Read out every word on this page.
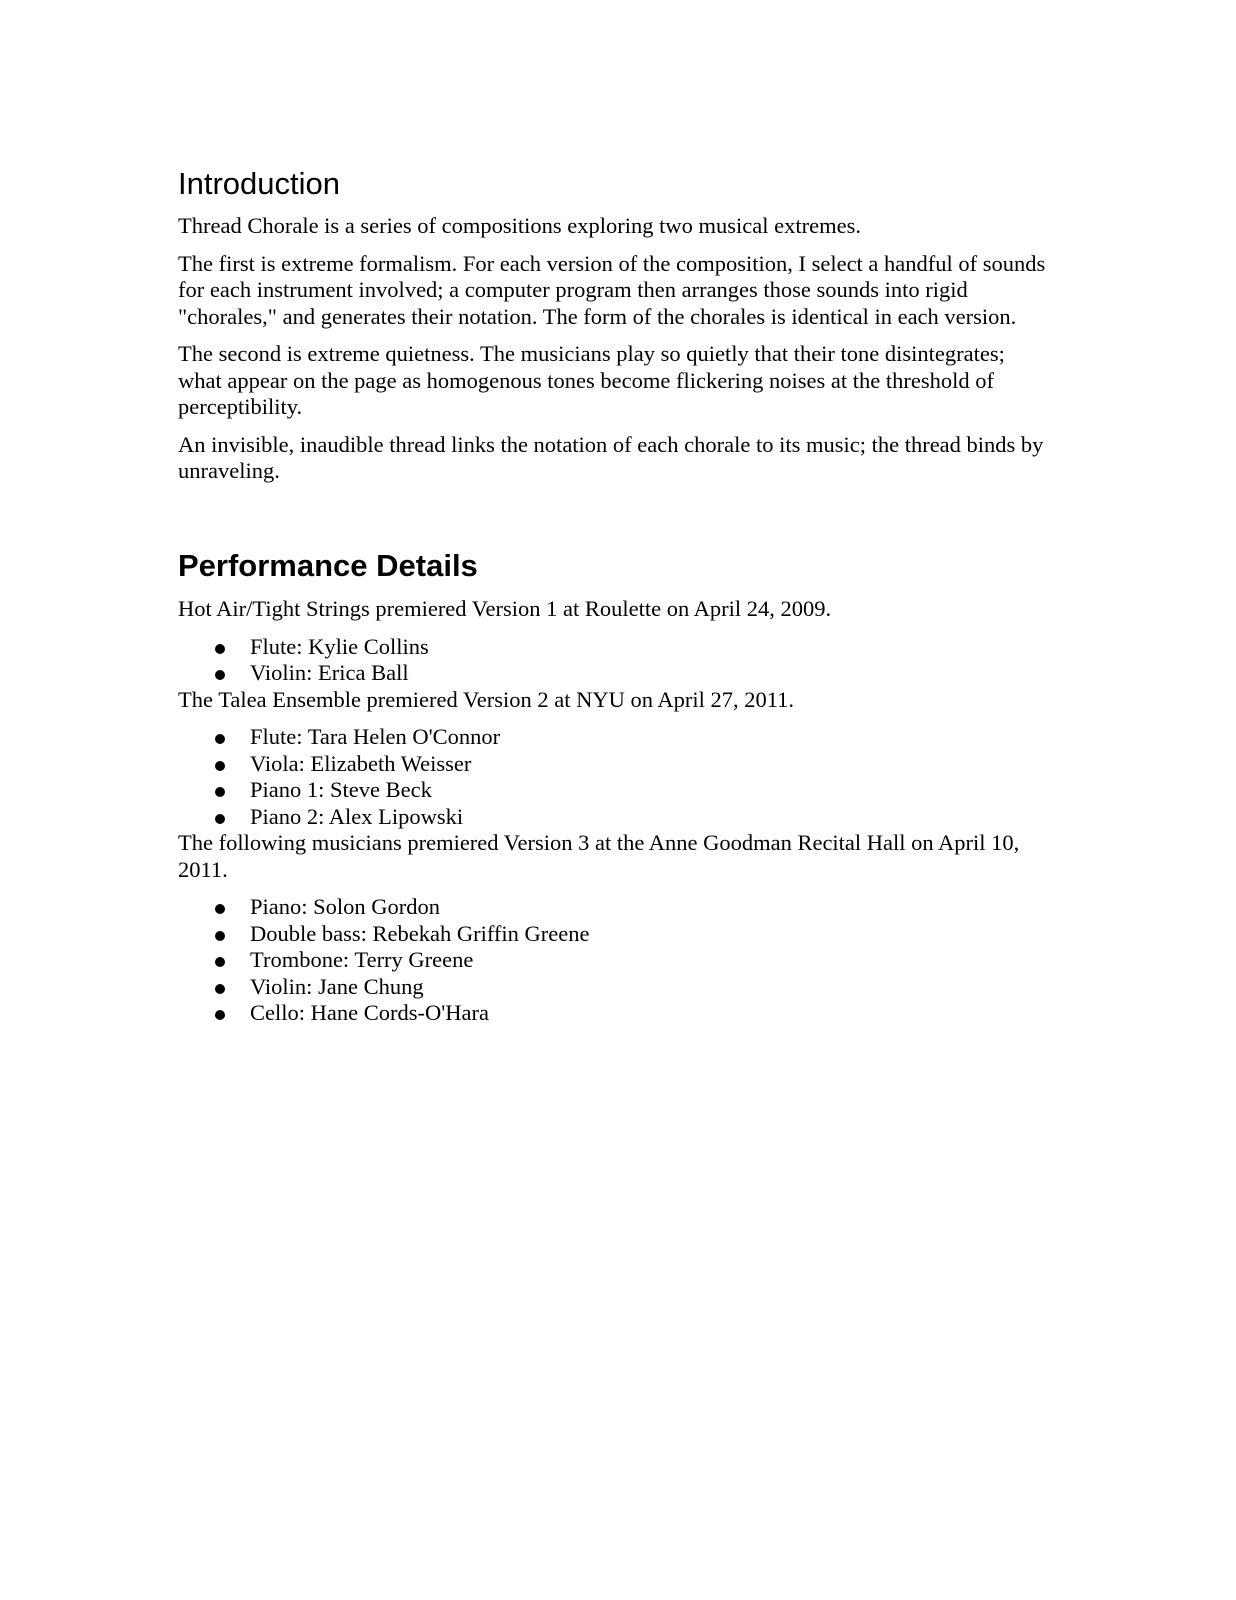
Introduction

Thread Chorale is a series of compositions exploring two musical extremes.

The first is extreme formalism. For each version of the composition, I select a handful of sounds for each instrument involved; a computer program then arranges those sounds into rigid "chorales," and generates their notation. The form of the chorales is identical in each version.

The second is extreme quietness. The musicians play so quietly that their tone disintegrates; what appear on the page as homogenous tones become flickering noises at the threshold of perceptibility.

An invisible, inaudible thread links the notation of each chorale to its music; the thread binds by unraveling.

Performance Details

Hot Air/Tight Strings premiered Version 1 at Roulette on April 24, 2009.

Flute: Kylie Collins
Violin: Erica Ball

The Talea Ensemble premiered Version 2 at NYU on April 27, 2011.

Flute: Tara Helen O'Connor
Viola: Elizabeth Weisser
Piano 1: Steve Beck
Piano 2: Alex Lipowski

The following musicians premiered Version 3 at the Anne Goodman Recital Hall on April 10, 2011.

Piano: Solon Gordon
Double bass: Rebekah Griffin Greene
Trombone: Terry Greene
Violin: Jane Chung
Cello: Hane Cords-O'Hara
